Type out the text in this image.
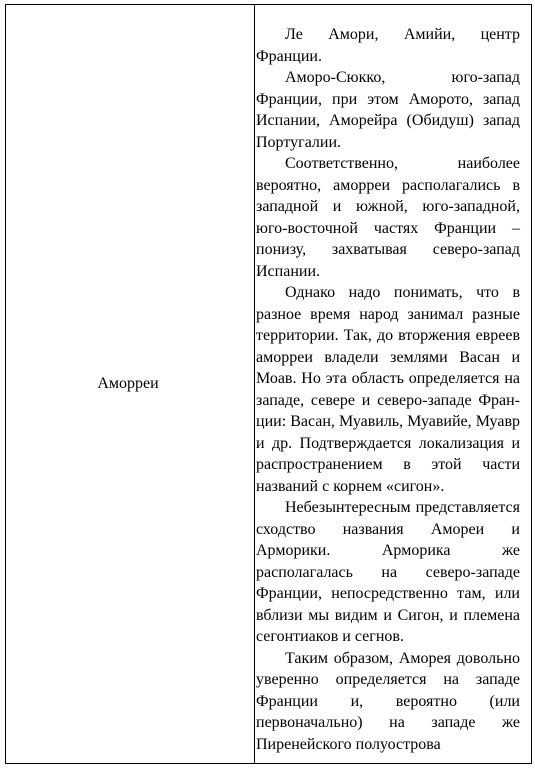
Аморреи

Ле Амори, Амийи, центр Франции.

Аморо-Сюкко, юго-запад Франции, при этом Аморото, запад Испании, Аморейра (Обидуш) запад Португалии.

Соответственно, наиболее вероятно, аморреи располагались в западной и южной, юго-западной, юго-восточной частях Франции – понизу, захватывая северо-запад Испании.

Однако надо понимать, что в разное время народ занимал разные территории. Так, до вторжения евреев аморреи владели землями Васан и Моав. Но эта область определяется на западе, севере и северо-западе Франции: Васан, Муавиль, Муавийе, Муавр и др. Подтверждается локализация и распространением в этой части названий с корнем «сигон».

Небезынтересным представляется сходство названия Амореи и Арморики. Арморика же располагалась на северо-западе Франции, непосредственно там, или вблизи мы видим и Сигон, и племена сегонтиаков и сегнов.

Таким образом, Аморея довольно уверенно определяется на западе Франции и, вероятно (или первоначально) на западе же Пиренейского полуострова
